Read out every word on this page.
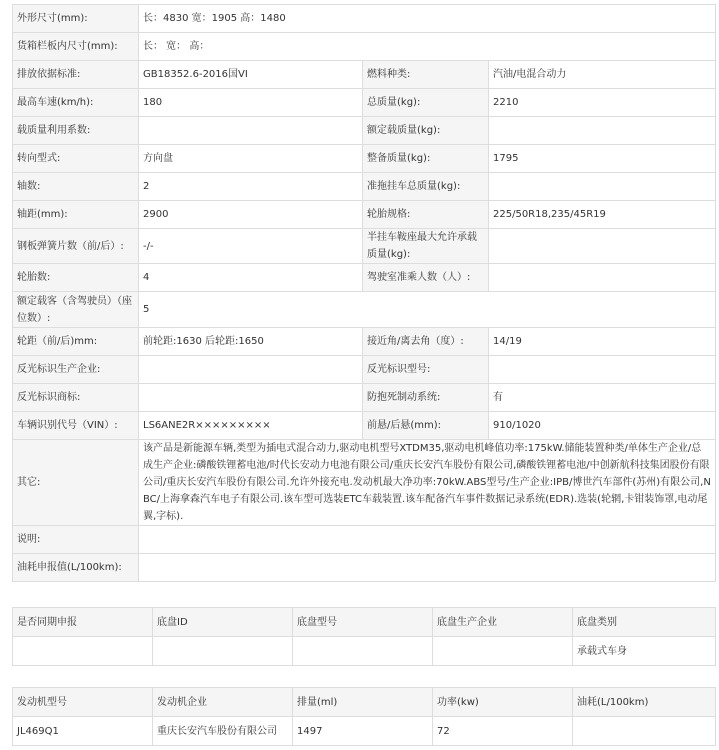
外形尺寸(mm):	长：4830 宽：1905 高：1480		
货箱栏板内尺寸(mm):	长： 宽： 高：		
排放依据标准:	GB18352.6-2016国VI	燃料种类:	汽油/电混合动力
最高车速(km/h):	180	总质量(kg):	2210
载质量利用系数:		额定载质量(kg):	
转向型式:	方向盘	整备质量(kg):	1795
轴数:	2	准拖挂车总质量(kg):	
轴距(mm):	2900	轮胎规格:	225/50R18,235/45R19
钢板弹簧片数（前/后）:	-/-	半挂车鞍座最大允许承载质量(kg):	
轮胎数:	4	驾驶室准乘人数（人）:	
额定载客（含驾驶员）（座位数）:	5		
轮距（前/后)mm:	前轮距:1630 后轮距:1650	接近角/离去角（度）:	14/19
反光标识生产企业:		反光标识型号:	
反光标识商标:		防抱死制动系统:	有
车辆识别代号（VIN）:	LS6ANE2R×××××××××	前悬/后悬(mm):	910/1020
其它:	该产品是新能源车辆,类型为插电式混合动力,驱动电机型号XTDM35,驱动电机峰值功率:175kW.储能装置种类/单体生产企业/总成生产企业:磷酸铁锂蓄电池/时代长安动力电池有限公司/重庆长安汽车股份有限公司,磷酸铁锂蓄电池/中创新航科技集团股份有限公司/重庆长安汽车股份有限公司.允许外接充电.发动机最大净功率:70kW.ABS型号/生产企业:IPB/博世汽车部件(苏州)有限公司,NBC/上海拿森汽车电子有限公司.该车型可选装ETC车载装置.该车配备汽车事件数据记录系统(EDR).选装(轮辋,卡钳装饰罩,电动尾翼,字标).		
说明:			
油耗申报值(L/100km):			
是否同期申报	底盘ID	底盘型号	底盘生产企业	底盘类别
				承载式车身
发动机型号	发动机企业	排量(ml)	功率(kw)	油耗(L/100km)
JL469Q1	重庆长安汽车股份有限公司	1497	72	
